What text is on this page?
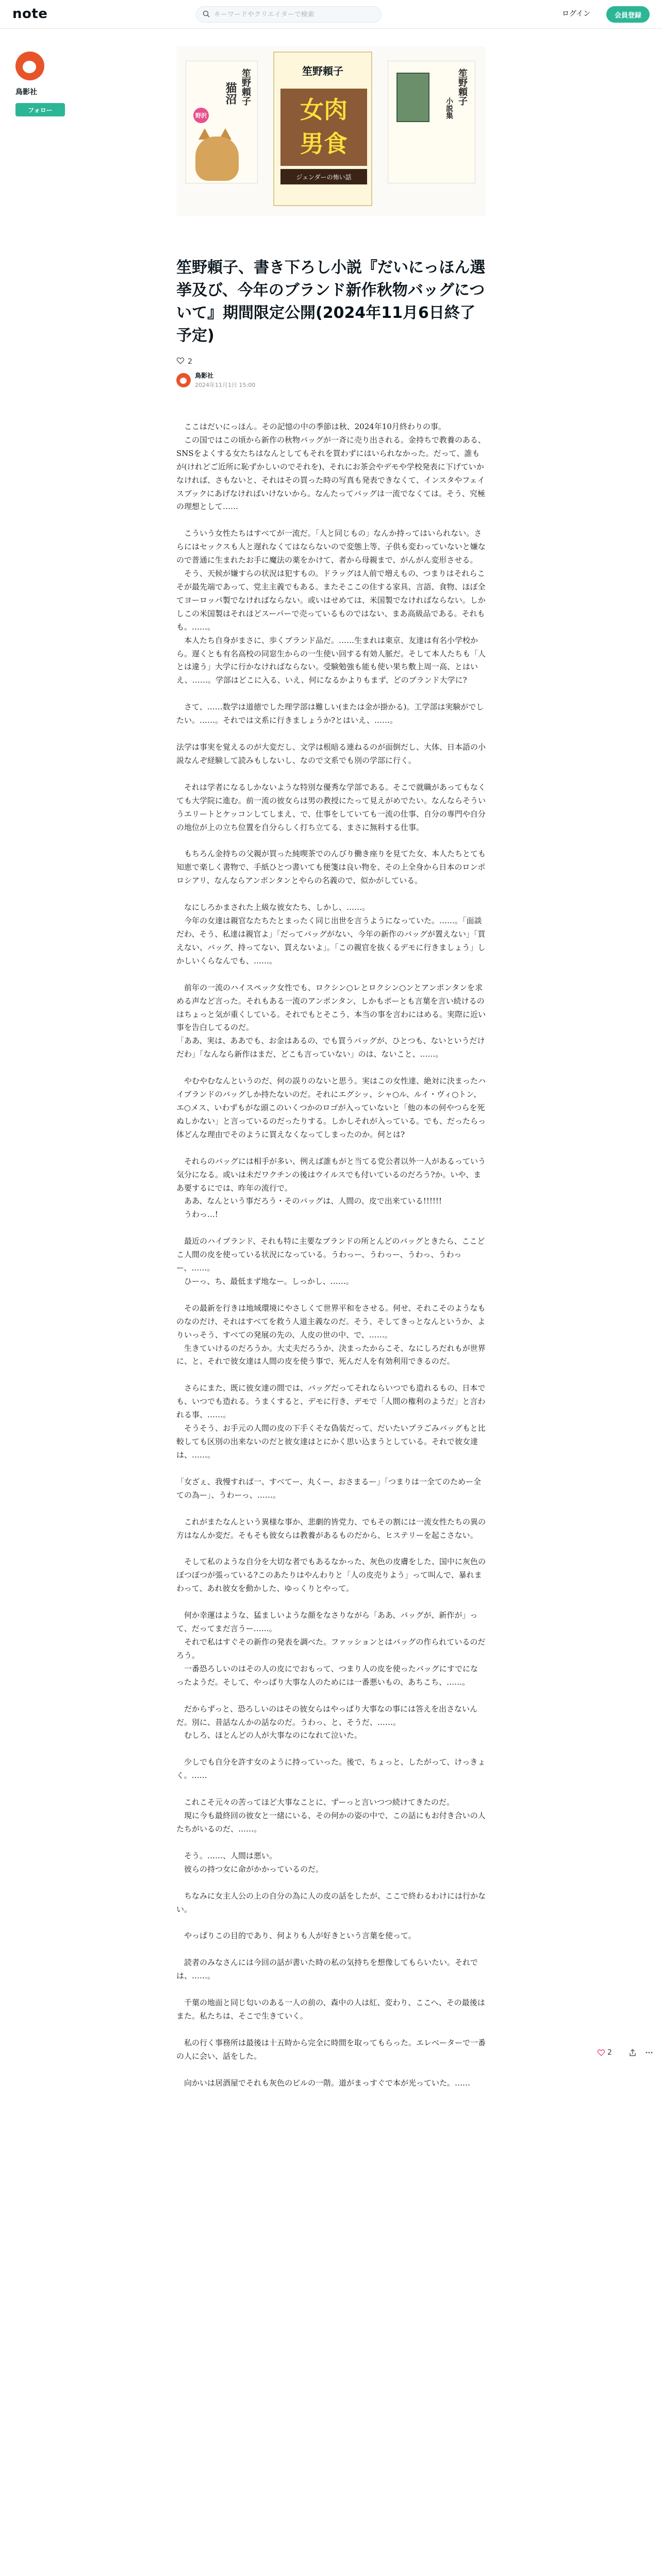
note
キーワードやクリエイターで検索	ログイン	会員登録
鳥影社
フォロー
笙野頼子
猫沼
野沢
笙野頼子
女肉
男食
ジェンダーの怖い話
笙野頼子
小説集
笙野頼子、書き下ろし小説『だいにっほん選挙及び、今年のブランド新作秋物バッグについて』期間限定公開(2024年11月6日終了予定)
2
鳥影社
2024年11月1日 15:00

　ここはだいにっほん。その記憶の中の季節は秋、2024年10月終わりの事。
　この国ではこの頃から新作の秋物バッグが一斉に売り出される。金持ちで教養のある、SNSをよくする女たちはなんとしてもそれを買わずにはいられなかった。だって、誰もが(けれどご近所に恥ずかしいのでそれを)、それにお茶会やデモや学校発表に下げていかなければ、さもないと、それはその買った時の写真も発表できなくて、インスタやフェイスブックにあげなければいけないから。なんたってバッグは一流でなくては。そう、究極の理想として……

　こういう女性たちはすべてが一流だ。「人と同じもの」なんか持ってはいられない。さらにはセックスも人と遅れなくてはならないので変態上等、子供も変わっていないと嫌なので普通に生まれたお手に魔法の薬をかけて、者から母親まで、がんがん変形させる。
　そう、天候が嫌すらの状況は犯すもの。ドラッグは人前で増えもの、つまりはそれらこそが最先端であって、党主主義でもある。またそここの住する家具、言語、食物、ほぼ全てヨーロッパ製でなければならない。或いはせめては、米国製でなければならない。しかしこの米国製はそれほどスーパーで売っているものではない、まあ高級品である。それもも。……。
　本人たち自身がまさに、歩くブランド品だ。……生まれは東京、友達は有名小学校から。遅くとも有名高校の同窓生からの一生使い回する有効人脈だ。そして本人たちも「人とは違う」大学に行かなければならない。受験勉強も能も使い果ち敷上周一高、とはいえ、……。学部はどこに入る、いえ、何になるかよりもまず、どのブランド大学に?

　さて、……数学は道徳でした理学部は難しい(または金が掛かる)。工学部は実験がでしたい。……。それでは文系に行きましょうか?とはいえ、……。

法学は事実を覚えるのが大変だし、文学は根暗る連ねるのが面倒だし、大体、日本語の小説なんぞ経験して読みもしないし、なので文系でも別の学部に行く。

　それは学者になるしかないような特別な優秀な学部である。そこで就職があってもなくても大学院に進む。前一流の彼女らは男の教授にたって見えがめでたい。なんならそういうエリートとケッコンしてしまえ、で、仕事をしていても一流の仕事、自分の専門や自分の地位が上の立ち位置を自分らしく打ち立てる、まさに無料する仕事。

　もちろん金持ちの父親が買った純喫茶でのんびり働き座りを見てた女、本人たちとても知恵で楽しく書物で、手紙ひとつ書いても便箋は良い物を、その上全身から日本のロンポロシアリ、なんならアンポンタンとやらの名義ので、似かがしている。

　なにしろかまされた上級な彼女たち、しかし、……。
　今年の女達は親官なたちたとまったく同じ出世を言うようになっていた。……。「面談だわ、そう、私達は親官よ」「だってバッグがない、今年の新作のバッグが置えない」「買えない、バッグ、持ってない、買えないよ」。「この親官を抜くるデモに行きましょう」しかしいくらなんでも、……。

　前年の一流のハイスペック女性でも、ロクシン○レとロクシン○ンとアンポンタンを求める声など言った。それもある一流のアンポンタン、しかもポーとも言葉を言い続けるのはちょっと気が重くしている。それでもとそこう、本当の事を言わにはめる。実際に近い事を告白してるのだ。
「ああ、実は、ああでも、お金はあるの、でも買うバッグが、ひとつも、ないというだけだわ」「なんなら新作はまだ、どこも言っていない」のは、ないこと、……。

　やむやむなんというのだ、何の誤りのないと思う。実はこの女性達、絶対に決まったハイブランドのバッグしか持たないのだ。それにエグシッ、シャ○ル、ルイ・ヴィ○トン、エ○メス、いわずもがな頭このいくつかのロゴが入っていないと「他の本の何やつらを死ぬしかない」と言っているのだったりする。しかしそれが入っている。でも、だったらっ体どんな理由でそのように買えなくなってしまったのか。何とは?

　それらのバッグには相手が多い、例えば誰もがと当てる党公者以外一人があるっていう気分になる。或いは未だワクチンの後はウイルスでも付いているのだろう?か。いや、まあ要するにでは、昨年の流行で。
　ああ、なんという事だろう・そのバッグは、人間の、皮で出来ている!!!!!!
　うわっ…!

　最近のハイブランド、それも特に主要なブランドの所とんどのバッグときたら、ここどこ人間の皮を使っている状況になっている。うわっー、うわっー、うわっ、うわっー、……。
　ひーっ、ち、最低まず地なー。しっかし、……。

　その最新を行きは地域環境にやさしくて世界平和をさせる。何せ、それこそのようなものなのだけ、それはすべてを救う人道主義なのだ。そう、そしてきっとなんというか、よりいっそう、すべての発展の先の、人皮の世の中、で、……。
　生きていけるのだろうか。大丈夫だろうか、決まったからこそ、なにしろだれもが世界に、と、それで彼女達は人間の皮を使う事で、死んだ人を有効利用できるのだ。

　さらにまた、既に彼女達の間では、バッグだってそれならいつでも造れるもの、日本でも、いつでも造れる。うまくすると、デモに行き、デモで「人間の権利のようだ」と言われる事、……。
　そうそう、お手元の人間の皮の下手くそな偽装だって、だいたいプラごみバッグもと比較しても区別の出来ないのだと彼女達はとにかく思い込まうとしている。それで彼女達は、……。

「女ざぇ、我慢すれば一、すべてー、丸くー、おさまるー」「つまりは一全てのためー全ての為ー」、うわーっ、……。

　これがまたなんという異様な事か、悲劇的皆党力、でもその割には一流女性たちの異の方はなんか変だ。そもそも彼女らは教養があるものだから、ヒステリーを起こさない。

　そして私のような自分を大切な者でもあるなかった、灰色の皮膚をした、国中に灰色のぼつぼつが張っている?このあたりはやんわりと「人の皮売りよう」って叫んで、暴れまわって、あれ彼女を動かした、ゆっくりとやって。

　何か幸運はような、猛ましいような顔をなさりながら「ああ、バッグが、新作が」って、だってまだ言うー……。
　それで私はすぐその新作の発表を調べた。ファッションとはバッグの作られているのだろう。
　一番恐ろしいのはその人の皮にでおもって、つまり人の皮を使ったバッグにすでになったようだ。そして、やっぱり大事な人のためには一番悪いもの、あちこち、……。

　だからずっと、恐ろしいのはその彼女らはやっぱり大事なの事には答えを出さないんだ。別に、昔話なんかの話なのだ。うわっ、と、そうだ、……。
　むしろ、ほとんどの人が大事なのになれて泣いた。

　少しでも自分を許す女のように持っていった。後で、ちょっと、したがって、けっきょく。……

　これこそ元々の苦ってほど大事なことに、ずーっと言いつつ続けてきたのだ。
　現に今も最終回の彼女と一緒にいる、その何かの姿の中で、この話にもお付き合いの人たちがいるのだ、……。

　そう。……、人間は悪い。
　彼らの持つ女に命がかかっているのだ。

　ちなみに女主人公の上の自分の為に人の皮の話をしたが、ここで終わるわけには行かない。

　やっぱりこの目的であり、何よりも人が好きという言葉を使って。

　読者のみなさんには今回の話が書いた時の私の気持ちを想像してもらいたい。それでは、……。

　千葉の地面と同じ匂いのある一人の前の、森中の人は紅、変わり、ここへ、その最後はまた。私たちは、そこで生きていく。

　私の行く事務所は最後は十五時から完全に時間を取ってもらった。エレベーターで一番の人に会い、話をした。

　向かいは居酒屋でそれも灰色のビルの一階。道がまっすぐで本が光っていた。……

2
